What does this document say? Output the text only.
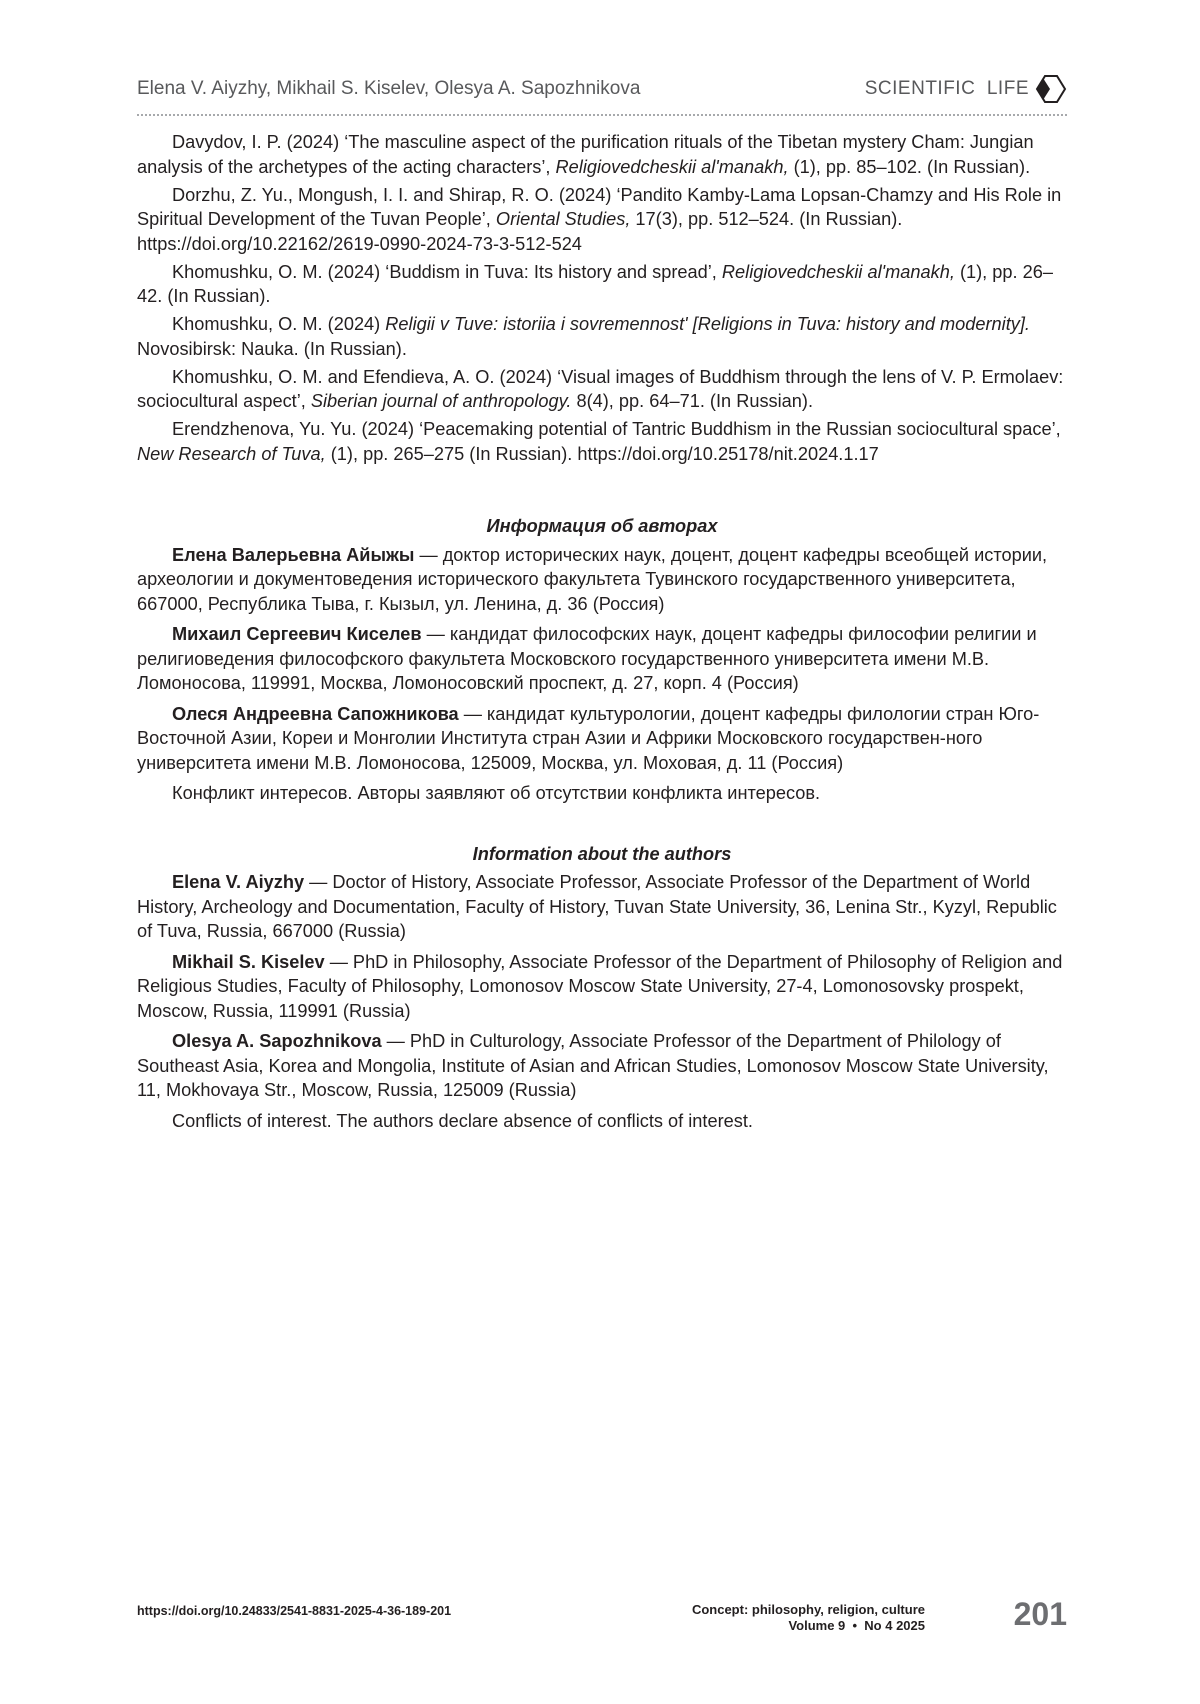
Elena V. Aiyzhy, Mikhail S. Kiselev, Olesya A. Sapozhnikova	SCIENTIFIC  LIFE

Davydov, I. P. (2024) ‘The masculine aspect of the purification rituals of the Tibetan mystery Cham: Jungian analysis of the archetypes of the acting characters’, Religiovedcheskii al'manakh, (1), pp. 85–102. (In Russian).

Dorzhu, Z. Yu., Mongush, I. I. and Shirap, R. O. (2024) ‘Pandito Kamby-Lama Lopsan-Chamzy and His Role in Spiritual Development of the Tuvan People’, Oriental Studies, 17(3), pp. 512–524. (In Russian). https://doi.org/10.22162/2619-0990-2024-73-3-512-524

Khomushku, O. M. (2024) ‘Buddism in Tuva: Its history and spread’, Religiovedcheskii al'manakh, (1), pp. 26–42. (In Russian).

Khomushku, O. M. (2024) Religii v Tuve: istoriia i sovremennost' [Religions in Tuva: history and modernity]. Novosibirsk: Nauka. (In Russian).

Khomushku, O. M. and Efendieva, A. O. (2024) ‘Visual images of Buddhism through the lens of V. P. Ermolaev: sociocultural aspect’, Siberian journal of anthropology. 8(4), pp. 64–71. (In Russian).

Erendzhenova, Yu. Yu. (2024) ‘Peacemaking potential of Tantric Buddhism in the Russian sociocultural space’, New Research of Tuva, (1), pp. 265–275 (In Russian). https://doi.org/10.25178/nit.2024.1.17

Информация об авторах

Елена Валерьевна Айыжы — доктор исторических наук, доцент, доцент кафедры всеобщей истории, археологии и документоведения исторического факультета Тувинского государственного университета, 667000, Республика Тыва, г. Кызыл, ул. Ленина, д. 36 (Россия)

Михаил Сергеевич Киселев — кандидат философских наук, доцент кафедры философии религии и религиоведения философского факультета Московского государственного университета имени М.В. Ломоносова, 119991, Москва, Ломоносовский проспект, д. 27, корп. 4 (Россия)

Олеся Андреевна Сапожникова — кандидат культурологии, доцент кафедры филологии стран Юго-Восточной Азии, Кореи и Монголии Института стран Азии и Африки Московского государствен-ного университета имени М.В. Ломоносова, 125009, Москва, ул. Моховая, д. 11 (Россия)

Конфликт интересов. Авторы заявляют об отсутствии конфликта интересов.

Information about the authors

Elena V. Aiyzhy — Doctor of History, Associate Professor, Associate Professor of the Department of World History, Archeology and Documentation, Faculty of History, Tuvan State University, 36, Lenina Str., Kyzyl, Republic of Tuva, Russia, 667000 (Russia)

Mikhail S. Kiselev — PhD in Philosophy, Associate Professor of the Department of Philosophy of Religion and Religious Studies, Faculty of Philosophy, Lomonosov Moscow State University, 27-4, Lomonosovsky prospekt, Moscow, Russia, 119991 (Russia)

Olesya A. Sapozhnikova — PhD in Culturology, Associate Professor of the Department of Philology of Southeast Asia, Korea and Mongolia, Institute of Asian and African Studies, Lomonosov Moscow State University, 11, Mokhovaya Str., Moscow, Russia, 125009 (Russia)

Conflicts of interest. The authors declare absence of conflicts of interest.

https://doi.org/10.24833/2541-8831-2025-4-36-189-201	Concept: philosophy, religion, culture
Volume 9  •  No 4 2025	201
